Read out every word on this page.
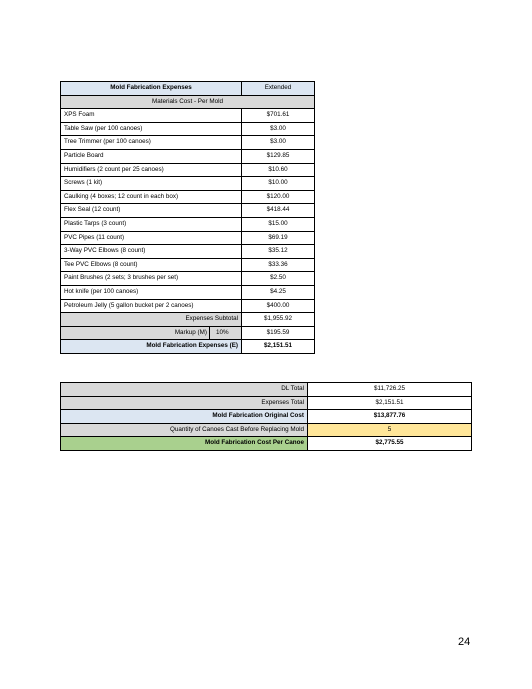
Mold Fabrication Expenses	Extended
Materials Cost - Per Mold	
XPS Foam	$701.61
Table Saw (per 100 canoes)	$3.00
Tree Trimmer (per 100 canoes)	$3.00
Particle Board	$129.85
Humidifiers (2 count per 25 canoes)	$10.60
Screws (1 kit)	$10.00
Caulking (4 boxes; 12 count in each box)	$120.00
Flex Seal (12 count)	$418.44
Plastic Tarps (3 count)	$15.00
PVC Pipes (11 count)	$69.19
3-Way PVC Elbows (8 count)	$35.12
Tee PVC Elbows (8 count)	$33.36
Paint Brushes (2 sets; 3 brushes per set)	$2.50
Hot knife (per 100 canoes)	$4.25
Petroleum Jelly (5 gallon bucket per 2 canoes)	$400.00
Expenses Subtotal	$1,955.92
Markup (M) 10%	$195.59
Mold Fabrication Expenses (E)	$2,151.51
DL Total	$11,726.25
Expenses Total	$2,151.51
Mold Fabrication Original Cost	$13,877.76
Quantity of Canoes Cast Before Replacing Mold	5
Mold Fabrication Cost Per Canoe	$2,775.55
24
